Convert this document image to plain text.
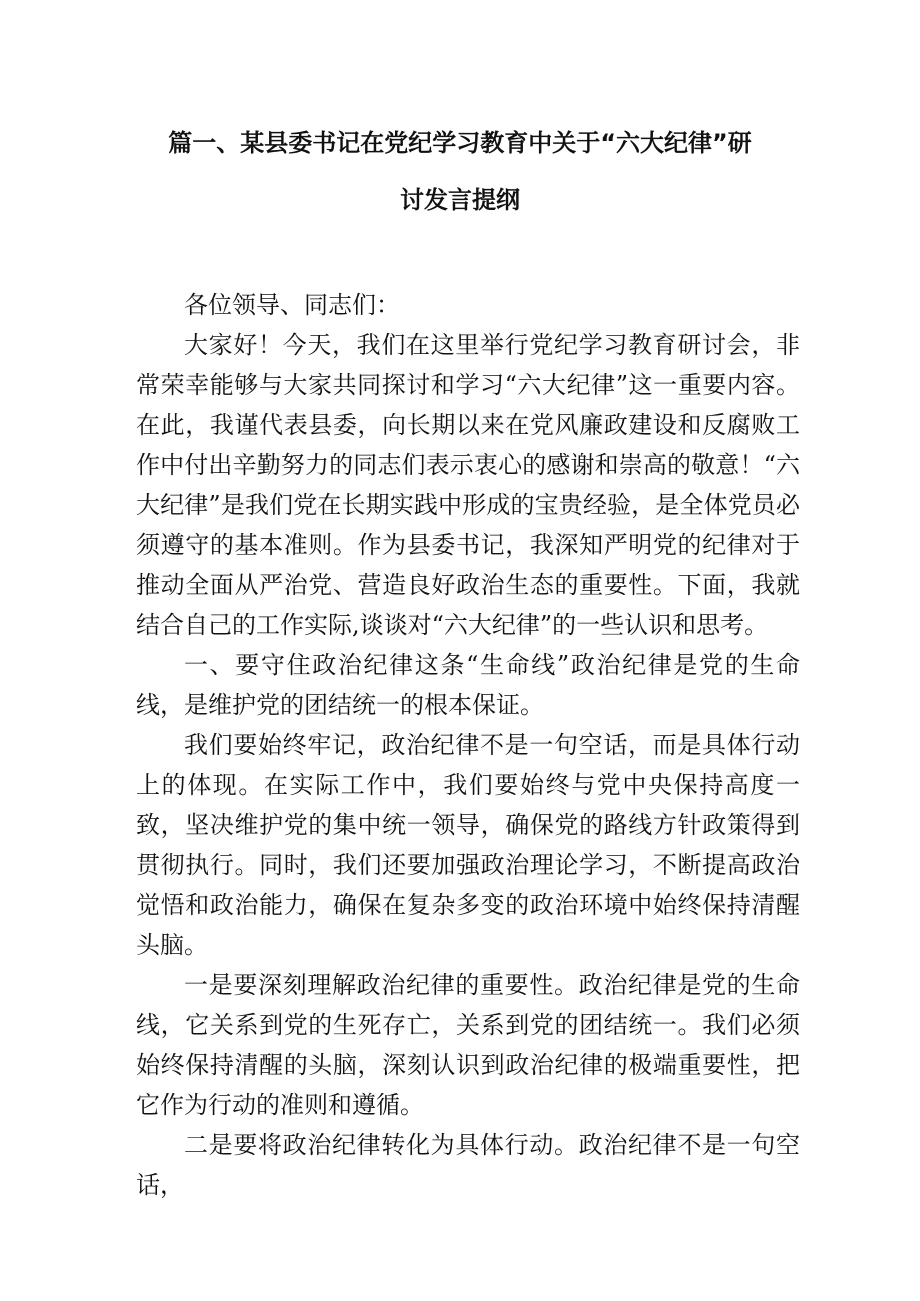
篇一、某县委书记在党纪学习教育中关于“六大纪律”研
讨发言提纲

各位领导、同志们：

大家好！今天，我们在这里举行党纪学习教育研讨会，非常荣幸能够与大家共同探讨和学习“六大纪律”这一重要内容。在此，我谨代表县委，向长期以来在党风廉政建设和反腐败工作中付出辛勤努力的同志们表示衷心的感谢和崇高的敬意！“六大纪律”是我们党在长期实践中形成的宝贵经验，是全体党员必须遵守的基本准则。作为县委书记，我深知严明党的纪律对于推动全面从严治党、营造良好政治生态的重要性。下面，我就结合自己的工作实际,谈谈对“六大纪律”的一些认识和思考。

一、要守住政治纪律这条“生命线”政治纪律是党的生命线，是维护党的团结统一的根本保证。

我们要始终牢记，政治纪律不是一句空话，而是具体行动上的体现。在实际工作中，我们要始终与党中央保持高度一致，坚决维护党的集中统一领导，确保党的路线方针政策得到贯彻执行。同时，我们还要加强政治理论学习，不断提高政治觉悟和政治能力，确保在复杂多变的政治环境中始终保持清醒头脑。

一是要深刻理解政治纪律的重要性。政治纪律是党的生命线，它关系到党的生死存亡，关系到党的团结统一。我们必须始终保持清醒的头脑，深刻认识到政治纪律的极端重要性，把它作为行动的准则和遵循。

二是要将政治纪律转化为具体行动。政治纪律不是一句空话，
